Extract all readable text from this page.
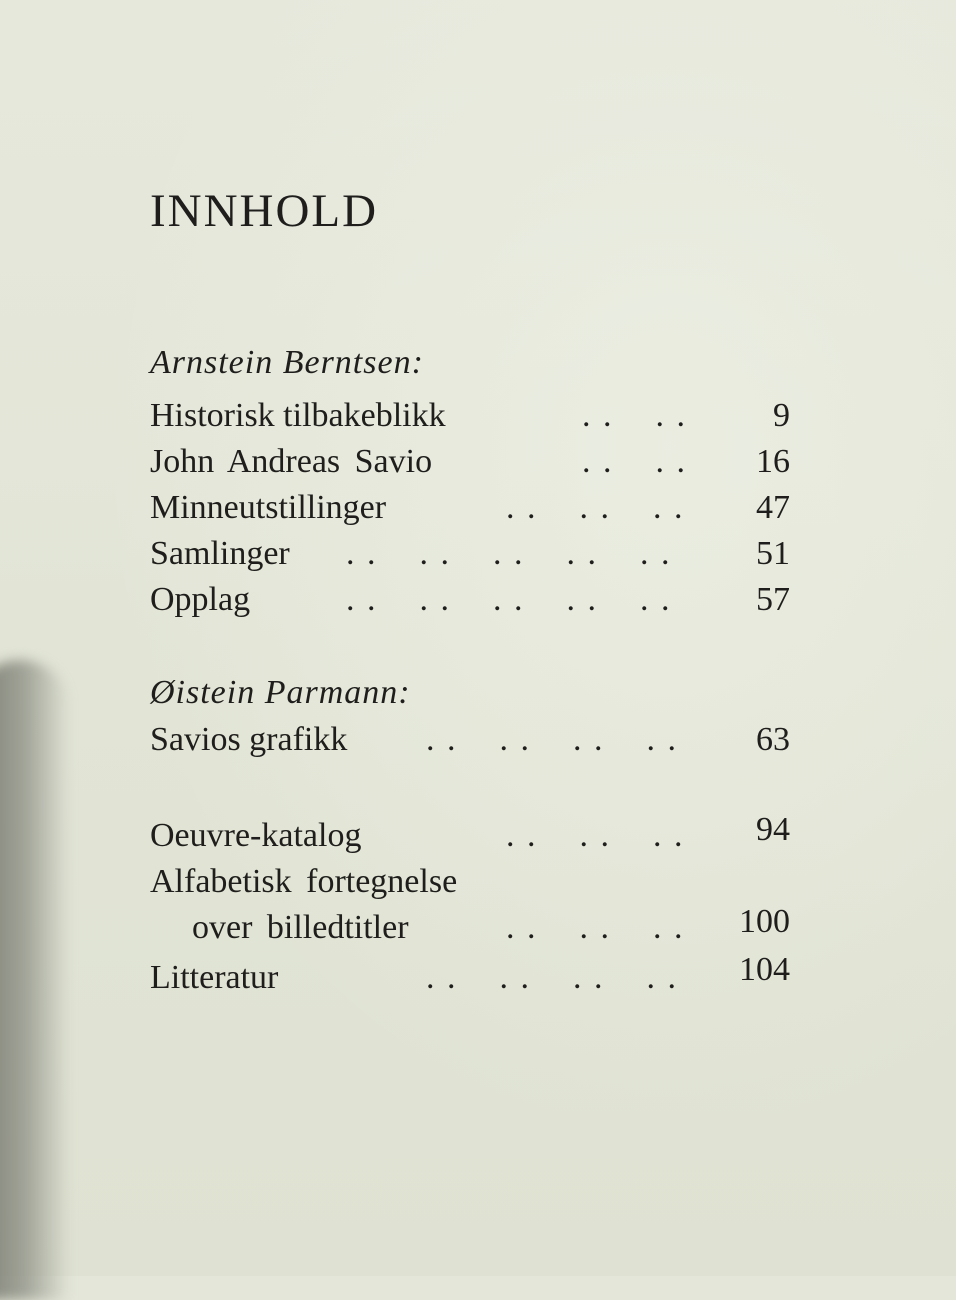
INNHOLD
Arnstein Berntsen:
Historisk tilbakeblikk	. .    . .	9
John Andreas Savio	. .    . . 16
Minneutstillinger	. .    . .    . . 47
Samlinger . .    . .    . .    . .    . . 51
Opplag	. .    . .    . .    . .    . . 57
Øistein Parmann:
Savios grafikk . .    . .    . .    . . 63
Oeuvre-katalog	. .    . .    . . 94
Alfabetisk fortegnelse
over billedtitler	. .    . .    . . 100
Litteratur	. .    . .    . .    . . 104
